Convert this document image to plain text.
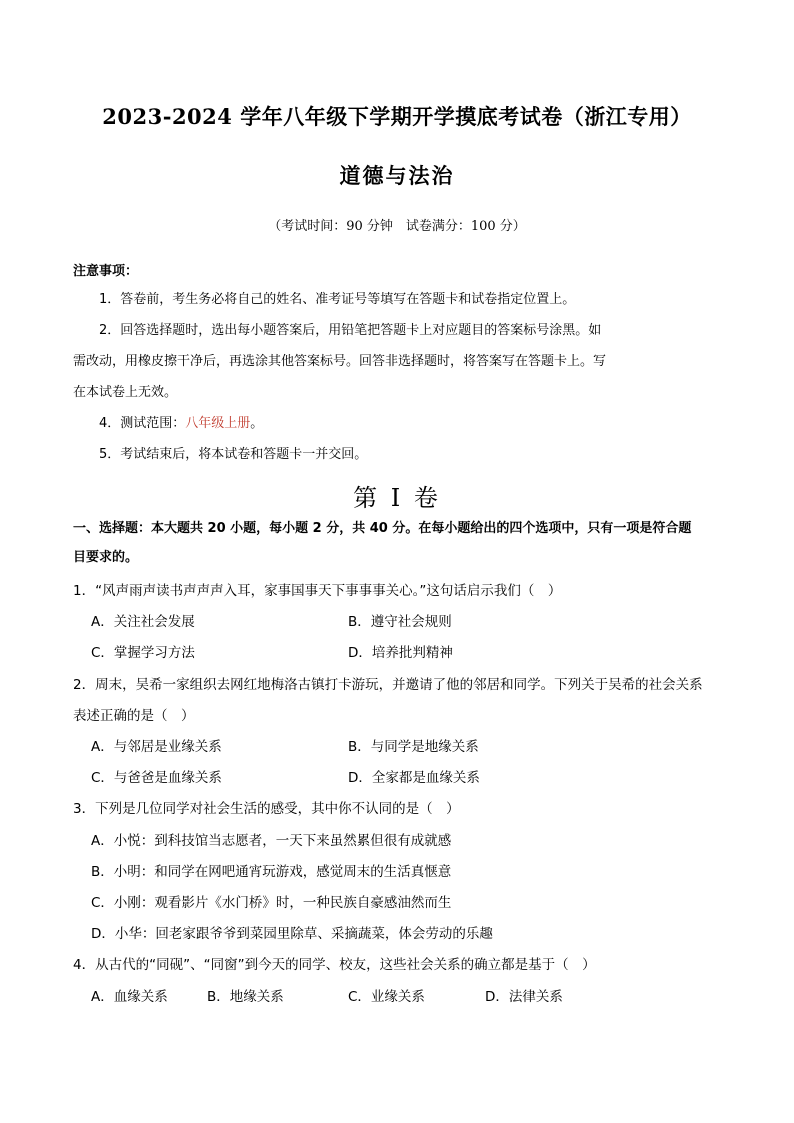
2023-2024 学年八年级下学期开学摸底考试卷（浙江专用）
道德与法治
（考试时间：90 分钟　试卷满分：100 分）
注意事项：
1．答卷前，考生务必将自己的姓名、准考证号等填写在答题卡和试卷指定位置上。
2．回答选择题时，选出每小题答案后，用铅笔把答题卡上对应题目的答案标号涂黑。如
需改动，用橡皮擦干净后，再选涂其他答案标号。回答非选择题时，将答案写在答题卡上。写
在本试卷上无效。
4．测试范围：八年级上册。
5．考试结束后，将本试卷和答题卡一并交回。
第 I 卷
一、选择题：本大题共 20 小题，每小题 2 分，共 40 分。在每小题给出的四个选项中，只有一项是符合题
目要求的。
1．“风声雨声读书声声声入耳，家事国事天下事事事关心。”这句话启示我们（　）
A．关注社会发展	B．遵守社会规则
C．掌握学习方法	D．培养批判精神
2．周末，吴希一家组织去网红地梅洛古镇打卡游玩，并邀请了他的邻居和同学。下列关于吴希的社会关系
表述正确的是（　）
A．与邻居是业缘关系	B．与同学是地缘关系
C．与爸爸是血缘关系	D．全家都是血缘关系
3．下列是几位同学对社会生活的感受，其中你不认同的是（　）
A．小悦：到科技馆当志愿者，一天下来虽然累但很有成就感
B．小明：和同学在网吧通宵玩游戏，感觉周末的生活真惬意
C．小刚：观看影片《水门桥》时，一种民族自豪感油然而生
D．小华：回老家跟爷爷到菜园里除草、采摘蔬菜，体会劳动的乐趣
4．从古代的“同砚”、“同窗”到今天的同学、校友，这些社会关系的确立都是基于（　）
A．血缘关系	B．地缘关系	C．业缘关系	D．法律关系
